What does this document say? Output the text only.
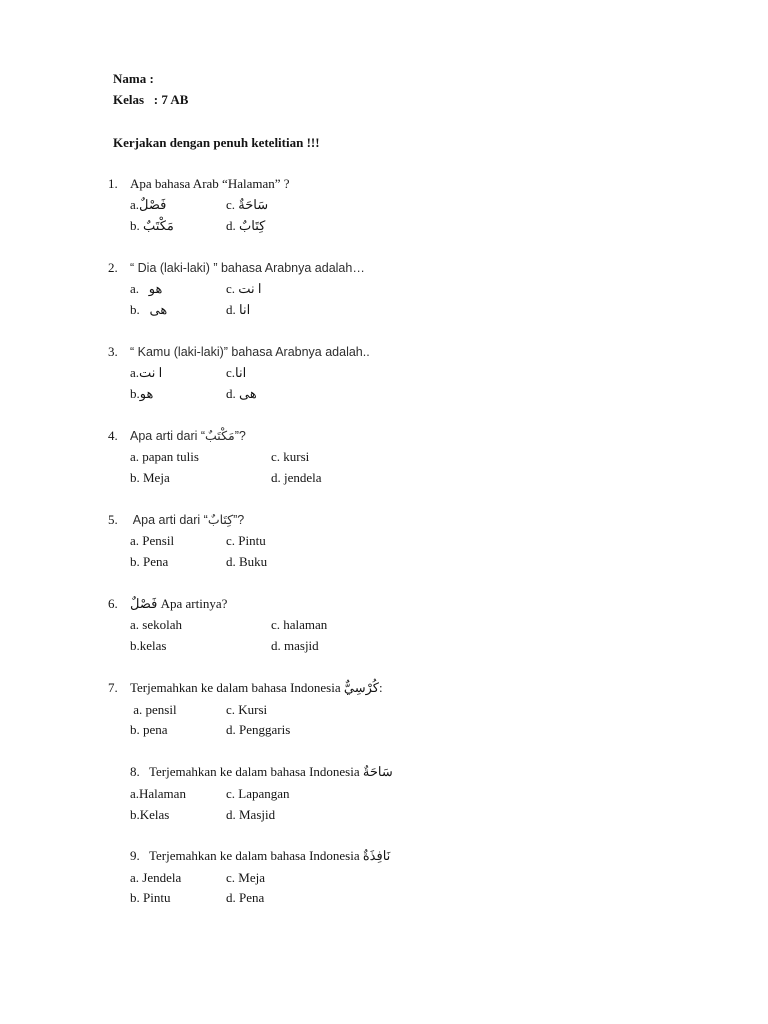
Nama :
Kelas   : 7 AB
Kerjakan dengan penuh ketelitian !!!
1. Apa bahasa Arab “Halaman” ?
a.فَصْلٌ	c. سَاحَةٌ
b. مَكْتَبٌ	d. كِتَابٌ
2. “ Dia (laki-laki) ” bahasa Arabnya adalah…
a.   هو	c. ا نت
b.   هى	d. انا
3. “ Kamu (laki-laki)” bahasa Arabnya adalah..
a.ا نت	c.انا
b.هو	d. هى
4. Apa arti dari “مَكْتَبٌ”?
a. papan tulis	c. kursi
b. Meja	d. jendela
5. Apa arti dari “كِتَابٌ”?
a. Pensil	c. Pintu
b. Pena	d. Buku
6. فَصْلٌ Apa artinya?
a. sekolah	c. halaman
b.kelas	d. masjid
7. Terjemahkan ke dalam bahasa Indonesia كُرْسِيٌّ:
a. pensil	c. Kursi
b. pena	d. Penggaris
8. Terjemahkan ke dalam bahasa Indonesia سَاحَةٌ
a.Halaman	c. Lapangan
b.Kelas	d. Masjid
9. Terjemahkan ke dalam bahasa Indonesia نَافِذَةٌ
a. Jendela	c. Meja
b. Pintu	d. Pena
